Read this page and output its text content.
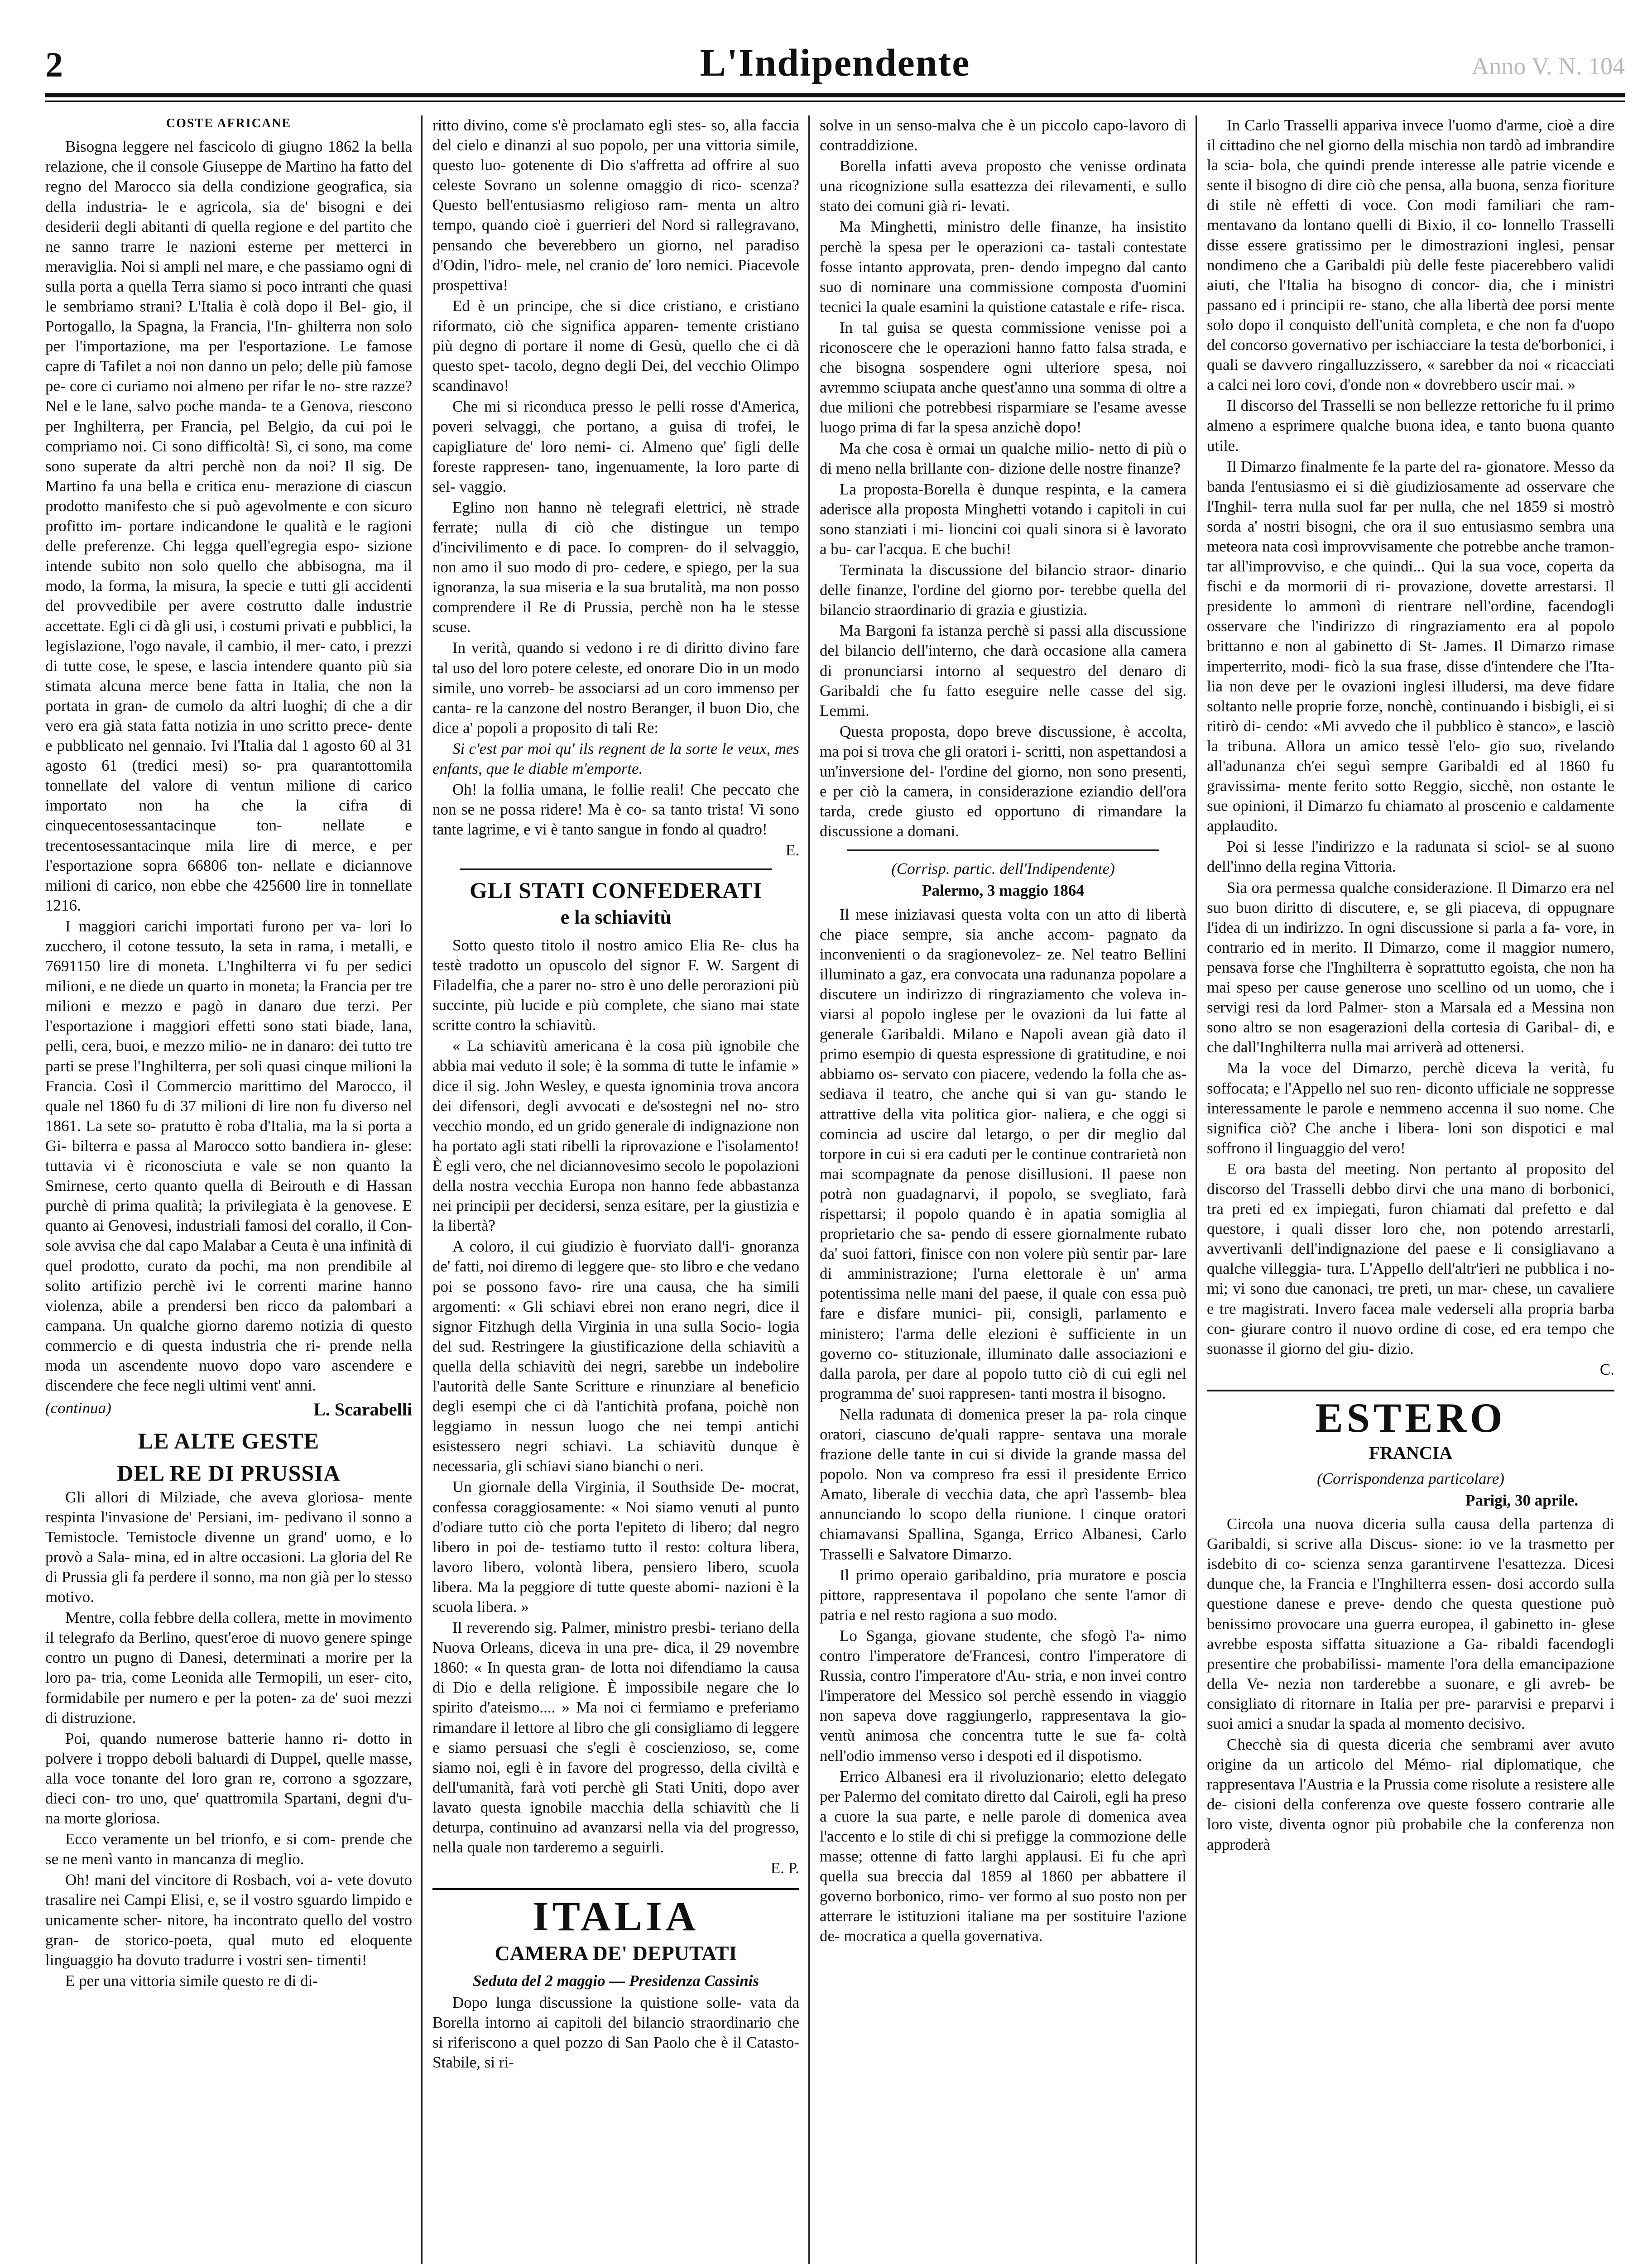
2	L'Indipendente	Anno V. N. 104
COSTE AFRICANE

Bisogna leggere nel fascicolo di giugno 1862 la bella relazione, che il console Giuseppe de Martino ha fatto del regno del Marocco sia della condizione geografica, sia della industria- le e agricola, sia de' bisogni e dei desiderii degli abitanti di quella regione e del partito che ne sanno trarre le nazioni esterne per metterci in meraviglia. Noi si ampli nel mare, e che passiamo ogni di sulla porta a quella Terra siamo si poco intranti che quasi le sembriamo strani? L'Italia è colà dopo il Bel- gio, il Portogallo, la Spagna, la Francia, l'In- ghilterra non solo per l'importazione, ma per l'esportazione. Le famose capre di Tafilet a noi non danno un pelo; delle più famose pe- core ci curiamo noi almeno per rifar le no- stre razze? Nel e le lane, salvo poche manda- te a Genova, riescono per Inghilterra, per Francia, pel Belgio, da cui poi le compriamo noi. Ci sono difficoltà! Sì, ci sono, ma come sono superate da altri perchè non da noi? Il sig. De Martino fa una bella e critica enu- merazione di ciascun prodotto manifesto che si può agevolmente e con sicuro profitto im- portare indicandone le qualità e le ragioni delle preferenze. Chi legga quell'egregia espo- sizione intende subito non solo quello che abbisogna, ma il modo, la forma, la misura, la specie e tutti gli accidenti del provvedibile per avere costrutto dalle industrie accettate. Egli ci dà gli usi, i costumi privati e pubblici, la legislazione, l'ogo navale, il cambio, il mer- cato, i prezzi di tutte cose, le spese, e lascia intendere quanto più sia stimata alcuna merce bene fatta in Italia, che non la portata in gran- de cumolo da altri luoghi; di che a dir vero era già stata fatta notizia in uno scritto prece- dente e pubblicato nel gennaio. Ivi l'Italia dal 1 agosto 60 al 31 agosto 61 (tredici mesi) so- pra quarantottomila tonnellate del valore di ventun milione di carico importato non ha che la cifra di cinquecentosessantacinque ton- nellate e trecentosessantacinque mila lire di merce, e per l'esportazione sopra 66806 ton- nellate e diciannove milioni di carico, non ebbe che 425600 lire in tonnellate 1216.

I maggiori carichi importati furono per va- lori lo zucchero, il cotone tessuto, la seta in rama, i metalli, e 7691150 lire di moneta. L'Inghilterra vi fu per sedici milioni, e ne diede un quarto in moneta; la Francia per tre milioni e mezzo e pagò in danaro due terzi. Per l'esportazione i maggiori effetti sono stati biade, lana, pelli, cera, buoi, e mezzo milio- ne in danaro: dei tutto tre parti se prese l'Inghilterra, per soli quasi cinque milioni la Francia. Così il Commercio marittimo del Marocco, il quale nel 1860 fu di 37 milioni di lire non fu diverso nel 1861. La sete so- pratutto è roba d'Italia, ma la si porta a Gi- bilterra e passa al Marocco sotto bandiera in- glese: tuttavia vi è riconosciuta e vale se non quanto la Smirnese, certo quanto quella di Beirouth e di Hassan purchè di prima qualità; la privilegiata è la genovese. E quanto ai Genovesi, industriali famosi del corallo, il Con- sole avvisa che dal capo Malabar a Ceuta è una infinità di quel prodotto, curato da pochi, ma non prendibile al solito artifizio perchè ivi le correnti marine hanno violenza, abile a prendersi ben ricco da palombari a campana. Un qualche giorno daremo notizia di questo commercio e di questa industria che ri- prende nella moda un ascendente nuovo dopo varo ascendere e discendere che fece negli ultimi vent' anni.

(continua)	L. Scarabelli
LE ALTE GESTE
DEL RE DI PRUSSIA

Gli allori di Milziade, che aveva gloriosa- mente respinta l'invasione de' Persiani, im- pedivano il sonno a Temistocle. Temistocle divenne un grand' uomo, e lo provò a Sala- mina, ed in altre occasioni. La gloria del Re di Prussia gli fa perdere il sonno, ma non già per lo stesso motivo.

Mentre, colla febbre della collera, mette in movimento il telegrafo da Berlino, quest'eroe di nuovo genere spinge contro un pugno di Danesi, determinati a morire per la loro pa- tria, come Leonida alle Termopili, un eser- cito, formidabile per numero e per la poten- za de' suoi mezzi di distruzione.

Poi, quando numerose batterie hanno ri- dotto in polvere i troppo deboli baluardi di Duppel, quelle masse, alla voce tonante del loro gran re, corrono a sgozzare, dieci con- tro uno, que' quattromila Spartani, degni d'u- na morte gloriosa.

Ecco veramente un bel trionfo, e si com- prende che se ne menì vanto in mancanza di meglio.

Oh! mani del vincitore di Rosbach, voi a- vete dovuto trasalire nei Campi Elisi, e, se il vostro sguardo limpido e unicamente scher- nitore, ha incontrato quello del vostro gran- de storico-poeta, qual muto ed eloquente linguaggio ha dovuto tradurre i vostri sen- timenti!

E per una vittoria simile questo re di di-

ritto divino, come s'è proclamato egli stes- so, alla faccia del cielo e dinanzi al suo popolo, per una vittoria simile, questo luo- gotenente di Dio s'affretta ad offrire al suo celeste Sovrano un solenne omaggio di rico- scenza? Questo bell'entusiasmo religioso ram- menta un altro tempo, quando cioè i guerrieri del Nord si rallegravano, pensando che beverebbero un giorno, nel paradiso d'Odin, l'idro- mele, nel cranio de' loro nemici. Piacevole prospettiva!

Ed è un principe, che si dice cristiano, e cristiano riformato, ciò che significa apparen- temente cristiano più degno di portare il nome di Gesù, quello che ci dà questo spet- tacolo, degno degli Dei, del vecchio Olimpo scandinavo!

Che mi si riconduca presso le pelli rosse d'America, poveri selvaggi, che portano, a guisa di trofei, le capigliature de' loro nemi- ci. Almeno que' figli delle foreste rappresen- tano, ingenuamente, la loro parte di sel- vaggio.

Eglino non hanno nè telegrafi elettrici, nè strade ferrate; nulla di ciò che distingue un tempo d'incivilimento e di pace. Io compren- do il selvaggio, non amo il suo modo di pro- cedere, e spiego, per la sua ignoranza, la sua miseria e la sua brutalità, ma non posso comprendere il Re di Prussia, perchè non ha le stesse scuse.

In verità, quando si vedono i re di diritto divino fare tal uso del loro potere celeste, ed onorare Dio in un modo simile, uno vorreb- be associarsi ad un coro immenso per canta- re la canzone del nostro Beranger, il buon Dio, che dice a' popoli a proposito di tali Re:

Si c'est par moi qu' ils regnent de la sorte le veux, mes enfants, que le diable m'emporte.

Oh! la follia umana, le follie reali! Che peccato che non se ne possa ridere! Ma è co- sa tanto trista! Vi sono tante lagrime, e vi è tanto sangue in fondo al quadro!

E.
GLI STATI CONFEDERATI
e la schiavitù

Sotto questo titolo il nostro amico Elia Re- clus ha testè tradotto un opuscolo del signor F. W. Sargent di Filadelfia, che a parer no- stro è uno delle perorazioni più succinte, più lucide e più complete, che siano mai state scritte contro la schiavitù.

« La schiavitù americana è la cosa più ignobile che abbia mai veduto il sole; è la somma di tutte le infamie » dice il sig. John Wesley, e questa ignominia trova ancora dei difensori, degli avvocati e de'sostegni nel no- stro vecchio mondo, ed un grido generale di indignazione non ha portato agli stati ribelli la riprovazione e l'isolamento! È egli vero, che nel diciannovesimo secolo le popolazioni della nostra vecchia Europa non hanno fede abbastanza nei principii per decidersi, senza esitare, per la giustizia e la libertà?

A coloro, il cui giudizio è fuorviato dall'i- gnoranza de' fatti, noi diremo di leggere que- sto libro e che vedano poi se possono favo- rire una causa, che ha simili argomenti: « Gli schiavi ebrei non erano negri, dice il signor Fitzhugh della Virginia in una sulla Socio- logia del sud. Restringere la giustificazione della schiavitù a quella della schiavitù dei negri, sarebbe un indebolire l'autorità delle Sante Scritture e rinunziare al beneficio degli esempi che ci dà l'antichità profana, poichè non leggiamo in nessun luogo che nei tempi antichi esistessero negri schiavi. La schiavitù dunque è necessaria, gli schiavi siano bianchi o neri.

Un giornale della Virginia, il Southside De- mocrat, confessa coraggiosamente: « Noi siamo venuti al punto d'odiare tutto ciò che porta l'epiteto di libero; dal negro libero in poi de- testiamo tutto il resto: coltura libera, lavoro libero, volontà libera, pensiero libero, scuola libera. Ma la peggiore di tutte queste abomi- nazioni è la scuola libera. »

Il reverendo sig. Palmer, ministro presbi- teriano della Nuova Orleans, diceva in una pre- dica, il 29 novembre 1860: « In questa gran- de lotta noi difendiamo la causa di Dio e della religione. È impossibile negare che lo spirito d'ateismo.... » Ma noi ci fermiamo e preferiamo rimandare il lettore al libro che gli consigliamo di leggere e siamo persuasi che s'egli è coscienzioso, se, come siamo noi, egli è in favore del progresso, della civiltà e dell'umanità, farà voti perchè gli Stati Uniti, dopo aver lavato questa ignobile macchia della schiavitù che li deturpa, continuino ad avanzarsi nella via del progresso, nella quale non tarderemo a seguirli.

E. P.
ITALIA
CAMERA DE' DEPUTATI
Seduta del 2 maggio — Presidenza Cassinis

Dopo lunga discussione la quistione solle- vata da Borella intorno ai capitoli del bilancio straordinario che si riferiscono a quel pozzo di San Paolo che è il Catasto-Stabile, si ri-

solve in un senso-malva che è un piccolo capo-lavoro di contraddizione.

Borella infatti aveva proposto che venisse ordinata una ricognizione sulla esattezza dei rilevamenti, e sullo stato dei comuni già ri- levati.

Ma Minghetti, ministro delle finanze, ha insistito perchè la spesa per le operazioni ca- tastali contestate fosse intanto approvata, pren- dendo impegno dal canto suo di nominare una commissione composta d'uomini tecnici la quale esamini la quistione catastale e rife- risca.

In tal guisa se questa commissione venisse poi a riconoscere che le operazioni hanno fatto falsa strada, e che bisogna sospendere ogni ulteriore spesa, noi avremmo sciupata anche quest'anno una somma di oltre a due milioni che potrebbesi risparmiare se l'esame avesse luogo prima di far la spesa anzichè dopo!

Ma che cosa è ormai un qualche milio- netto di più o di meno nella brillante con- dizione delle nostre finanze?

La proposta-Borella è dunque respinta, e la camera aderisce alla proposta Minghetti votando i capitoli in cui sono stanziati i mi- lioncini coi quali sinora si è lavorato a bu- car l'acqua. E che buchi!

Terminata la discussione del bilancio straor- dinario delle finanze, l'ordine del giorno por- terebbe quella del bilancio straordinario di grazia e giustizia.

Ma Bargoni fa istanza perchè si passi alla discussione del bilancio dell'interno, che darà occasione alla camera di pronunciarsi intorno al sequestro del denaro di Garibaldi che fu fatto eseguire nelle casse del sig. Lemmi.

Questa proposta, dopo breve discussione, è accolta, ma poi si trova che gli oratori i- scritti, non aspettandosi a un'inversione del- l'ordine del giorno, non sono presenti, e per ciò la camera, in considerazione eziandio dell'ora tarda, crede giusto ed opportuno di rimandare la discussione a domani.

(Corrisp. partic. dell'Indipendente)
Palermo, 3 maggio 1864

Il mese iniziavasi questa volta con un atto di libertà che piace sempre, sia anche accom- pagnato da inconvenienti o da sragionevolez- ze. Nel teatro Bellini illuminato a gaz, era convocata una radunanza popolare a discutere un indirizzo di ringraziamento che voleva in- viarsi al popolo inglese per le ovazioni da lui fatte al generale Garibaldi. Milano e Napoli avean già dato il primo esempio di questa espressione di gratitudine, e noi abbiamo os- servato con piacere, vedendo la folla che as- sediava il teatro, che anche qui si van gu- stando le attrattive della vita politica gior- naliera, e che oggi si comincia ad uscire dal letargo, o per dir meglio dal torpore in cui si era caduti per le continue contrarietà non mai scompagnate da penose disillusioni. Il paese non potrà non guadagnarvi, il popolo, se svegliato, farà rispettarsi; il popolo quando è in apatia somiglia al proprietario che sa- pendo di essere giornalmente rubato da' suoi fattori, finisce con non volere più sentir par- lare di amministrazione; l'urna elettorale è un' arma potentissima nelle mani del paese, il quale con essa può fare e disfare munici- pii, consigli, parlamento e ministero; l'arma delle elezioni è sufficiente in un governo co- stituzionale, illuminato dalle associazioni e dalla parola, per dare al popolo tutto ciò di cui egli nel programma de' suoi rappresen- tanti mostra il bisogno.

Nella radunata di domenica preser la pa- rola cinque oratori, ciascuno de'quali rappre- sentava una morale frazione delle tante in cui si divide la grande massa del popolo. Non va compreso fra essi il presidente Errico Amato, liberale di vecchia data, che aprì l'assemb- blea annunciando lo scopo della riunione. I cinque oratori chiamavansi Spallina, Sganga, Errico Albanesi, Carlo Trasselli e Salvatore Dimarzo.

Il primo operaio garibaldino, pria muratore e poscia pittore, rappresentava il popolano che sente l'amor di patria e nel resto ragiona a suo modo.

Lo Sganga, giovane studente, che sfogò l'a- nimo contro l'imperatore de'Francesi, contro l'imperatore di Russia, contro l'imperatore d'Au- stria, e non invei contro l'imperatore del Messico sol perchè essendo in viaggio non sapeva dove raggiungerlo, rappresentava la gio- ventù animosa che concentra tutte le sue fa- coltà nell'odio immenso verso i despoti ed il dispotismo.

Errico Albanesi era il rivoluzionario; eletto delegato per Palermo del comitato diretto dal Cairoli, egli ha preso a cuore la sua parte, e nelle parole di domenica avea l'accento e lo stile di chi si prefigge la commozione delle masse; ottenne di fatto larghi applausi. Ei fu che aprì quella sua breccia dal 1859 al 1860 per abbattere il governo borbonico, rimo- ver formo al suo posto non per atterrare le istituzioni italiane ma per sostituire l'azione de- mocratica a quella governativa.

In Carlo Trasselli appariva invece l'uomo d'arme, cioè a dire il cittadino che nel giorno della mischia non tardò ad imbrandire la scia- bola, che quindi prende interesse alle patrie vicende e sente il bisogno di dire ciò che pensa, alla buona, senza fioriture di stile nè effetti di voce. Con modi familiari che ram- mentavano da lontano quelli di Bixio, il co- lonnello Trasselli disse essere gratissimo per le dimostrazioni inglesi, pensar nondimeno che a Garibaldi più delle feste piacerebbero validi aiuti, che l'Italia ha bisogno di concor- dia, che i ministri passano ed i principii re- stano, che alla libertà dee porsi mente solo dopo il conquisto dell'unità completa, e che non fa d'uopo del concorso governativo per ischiacciare la testa de'borbonici, i quali se davvero ringalluzzissero, « sarebber da noi « ricacciati a calci nei loro covi, d'onde non « dovrebbero uscir mai. »

Il discorso del Trasselli se non bellezze rettoriche fu il primo almeno a esprimere qualche buona idea, e tanto buona quanto utile.

Il Dimarzo finalmente fe la parte del ra- gionatore. Messo da banda l'entusiasmo ei si diè giudiziosamente ad osservare che l'Inghil- terra nulla suol far per nulla, che nel 1859 si mostrò sorda a' nostri bisogni, che ora il suo entusiasmo sembra una meteora nata così improvvisamente che potrebbe anche tramon- tar all'improvviso, e che quindi... Qui la sua voce, coperta da fischi e da mormorii di ri- provazione, dovette arrestarsi. Il presidente lo ammonì di rientrare nell'ordine, facendogli osservare che l'indirizzo di ringraziamento era al popolo brittanno e non al gabinetto di St- James. Il Dimarzo rimase imperterrito, modi- ficò la sua frase, disse d'intendere che l'Ita- lia non deve per le ovazioni inglesi illudersi, ma deve fidare soltanto nelle proprie forze, nonchè, continuando i bisbigli, ei si ritirò di- cendo: «Mi avvedo che il pubblico è stanco», e lasciò la tribuna. Allora un amico tessè l'elo- gio suo, rivelando all'adunanza ch'ei seguì sempre Garibaldi ed al 1860 fu gravissima- mente ferito sotto Reggio, sicchè, non ostante le sue opinioni, il Dimarzo fu chiamato al proscenio e caldamente applaudito.

Poi si lesse l'indirizzo e la radunata si sciol- se al suono dell'inno della regina Vittoria.

Sia ora permessa qualche considerazione. Il Dimarzo era nel suo buon diritto di discutere, e, se gli piaceva, di oppugnare l'idea di un indirizzo. In ogni discussione si parla a fa- vore, in contrario ed in merito. Il Dimarzo, come il maggior numero, pensava forse che l'Inghilterra è soprattutto egoista, che non ha mai speso per cause generose uno scellino od un uomo, che i servigi resi da lord Palmer- ston a Marsala ed a Messina non sono altro se non esagerazioni della cortesia di Garibal- di, e che dall'Inghilterra nulla mai arriverà ad ottenersi.

Ma la voce del Dimarzo, perchè diceva la verità, fu soffocata; e l'Appello nel suo ren- diconto ufficiale ne soppresse interessamente le parole e nemmeno accenna il suo nome. Che significa ciò? Che anche i libera- loni son dispotici e mal soffrono il linguaggio del vero!

E ora basta del meeting. Non pertanto al proposito del discorso del Trasselli debbo dirvi che una mano di borbonici, tra preti ed ex impiegati, furon chiamati dal prefetto e dal questore, i quali disser loro che, non potendo arrestarli, avvertivanli dell'indignazione del paese e li consigliavano a qualche villeggia- tura. L'Appello dell'altr'ieri ne pubblica i no- mi; vi sono due canonaci, tre preti, un mar- chese, un cavaliere e tre magistrati. Invero facea male vederseli alla propria barba con- giurare contro il nuovo ordine di cose, ed era tempo che suonasse il giorno del giu- dizio.

C.
ESTERO
FRANCIA
(Corrispondenza particolare)
Parigi, 30 aprile.

Circola una nuova diceria sulla causa della partenza di Garibaldi, si scrive alla Discus- sione: io ve la trasmetto per isdebito di co- scienza senza garantirvene l'esattezza. Dicesi dunque che, la Francia e l'Inghilterra essen- dosi accordo sulla questione danese e preve- dendo che questa questione può benissimo provocare una guerra europea, il gabinetto in- glese avrebbe esposta siffatta situazione a Ga- ribaldi facendogli presentire che probabilissi- mamente l'ora della emancipazione della Ve- nezia non tarderebbe a suonare, e gli avreb- be consigliato di ritornare in Italia per pre- pararvisi e preparvi i suoi amici a snudar la spada al momento decisivo.

Checchè sia di questa diceria che sembrami aver avuto origine da un articolo del Mémo- rial diplomatique, che rappresentava l'Austria e la Prussia come risolute a resistere alle de- cisioni della conferenza ove queste fossero contrarie alle loro viste, diventa ognor più probabile che la conferenza non approderà
